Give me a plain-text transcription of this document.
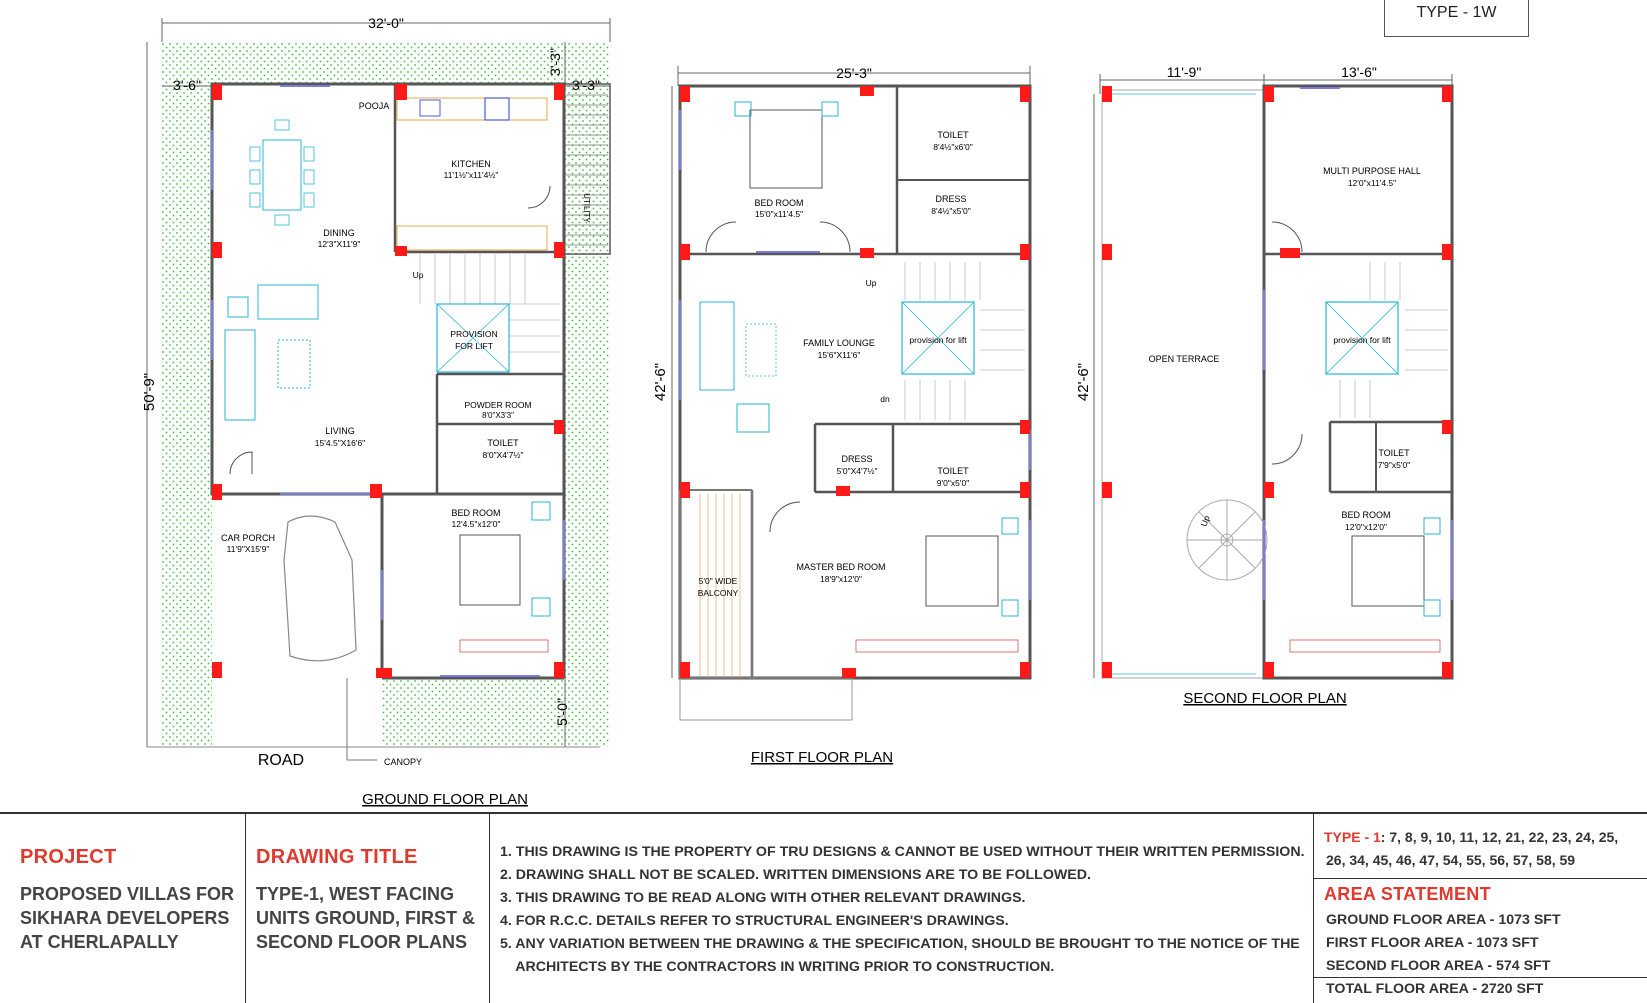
TYPE - 1W
32'-0"
3'-6"	3'-3"
3'-3"
50'-9"
5'-0"
POOJA
KITCHEN
11'1½"x11'4½"
UTILITY
DINING
12'3"X11'9"
Up
PROVISION
FOR LIFT
POWDER ROOM
8'0"X3'3"
LIVING
15'4.5"X16'6"	TOILET
8'0"X4'7½"
BED ROOM
12'4.5"x12'0"
CAR PORCH
11'9"X15'9"
ROAD	CANOPY
GROUND FLOOR PLAN
25'-3"
42'-6"
BED ROOM
15'0"x11'4.5"
TOILET
8'4½"x6'0"
DRESS
8'4½"x5'0"
Up
FAMILY LOUNGE
15'6"X11'6"
provision for lift
dn
DRESS
5'0"X4'7½"	TOILET
9'0"x5'0"
5'0" WIDE
BALCONY
MASTER BED ROOM
18'9"x12'0"
FIRST FLOOR PLAN
11'-9"	13'-6"
42'-6"
MULTI PURPOSE HALL
12'0"x11'4.5"
OPEN TERRACE
provision for lift
Up
TOILET
7'9"x5'0"
BED ROOM
12'0"x12'0"
SECOND FLOOR PLAN
PROJECT
PROPOSED VILLAS FOR
SIKHARA DEVELOPERS
AT CHERLAPALLY
DRAWING TITLE
TYPE-1, WEST FACING
UNITS GROUND, FIRST &
SECOND FLOOR PLANS
1. THIS DRAWING IS THE PROPERTY OF TRU DESIGNS & CANNOT BE USED WITHOUT THEIR WRITTEN PERMISSION.
2. DRAWING SHALL NOT BE SCALED. WRITTEN DIMENSIONS ARE TO BE FOLLOWED.
3. THIS DRAWING TO BE READ ALONG WITH OTHER RELEVANT DRAWINGS.
4. FOR R.C.C. DETAILS REFER TO STRUCTURAL ENGINEER'S DRAWINGS.
5. ANY VARIATION BETWEEN THE DRAWING & THE SPECIFICATION, SHOULD BE BROUGHT TO THE NOTICE OF THE
ARCHITECTS BY THE CONTRACTORS IN WRITING PRIOR TO CONSTRUCTION.
TYPE - 1: 7, 8, 9, 10, 11, 12, 21, 22, 23, 24, 25,
26, 34, 45, 46, 47, 54, 55, 56, 57, 58, 59
AREA STATEMENT
GROUND FLOOR AREA - 1073 SFT
FIRST FLOOR AREA - 1073 SFT
SECOND FLOOR AREA - 574 SFT
TOTAL FLOOR AREA - 2720 SFT
